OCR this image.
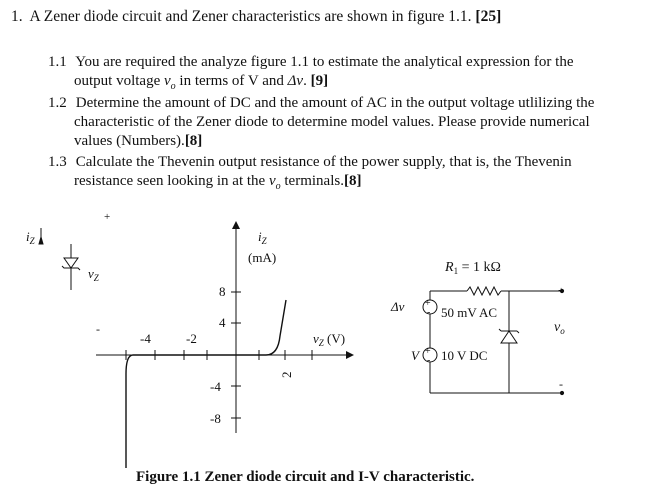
1. A Zener diode circuit and Zener characteristics are shown in figure 1.1. [25]
1.1 You are required the analyze figure 1.1 to estimate the analytical expression for the
output voltage $v_o$ in terms of V and Δv. [9]
1.2 Determine the amount of DC and the amount of AC in the output voltage utlilizing the
characteristic of the Zener diode to determine model values. Please provide numerical
values (Numbers).[8]
1.3 Calculate the Thevenin output resistance of the power supply, that is, the Thevenin
resistance seen looking in at the $v_o$ terminals.[8]
+
$i_Z$
$v_Z$
-
$i_Z$
(mA)
$v_Z$ (V)
8
4
-4
-8
-4	-2
2
+
-
+
-
$R_1 = 1$ kΩ
Δv	50 mV AC
V 10 V DC
+
$v_o$
-
Figure 1.1 Zener diode circuit and I-V characteristic.
